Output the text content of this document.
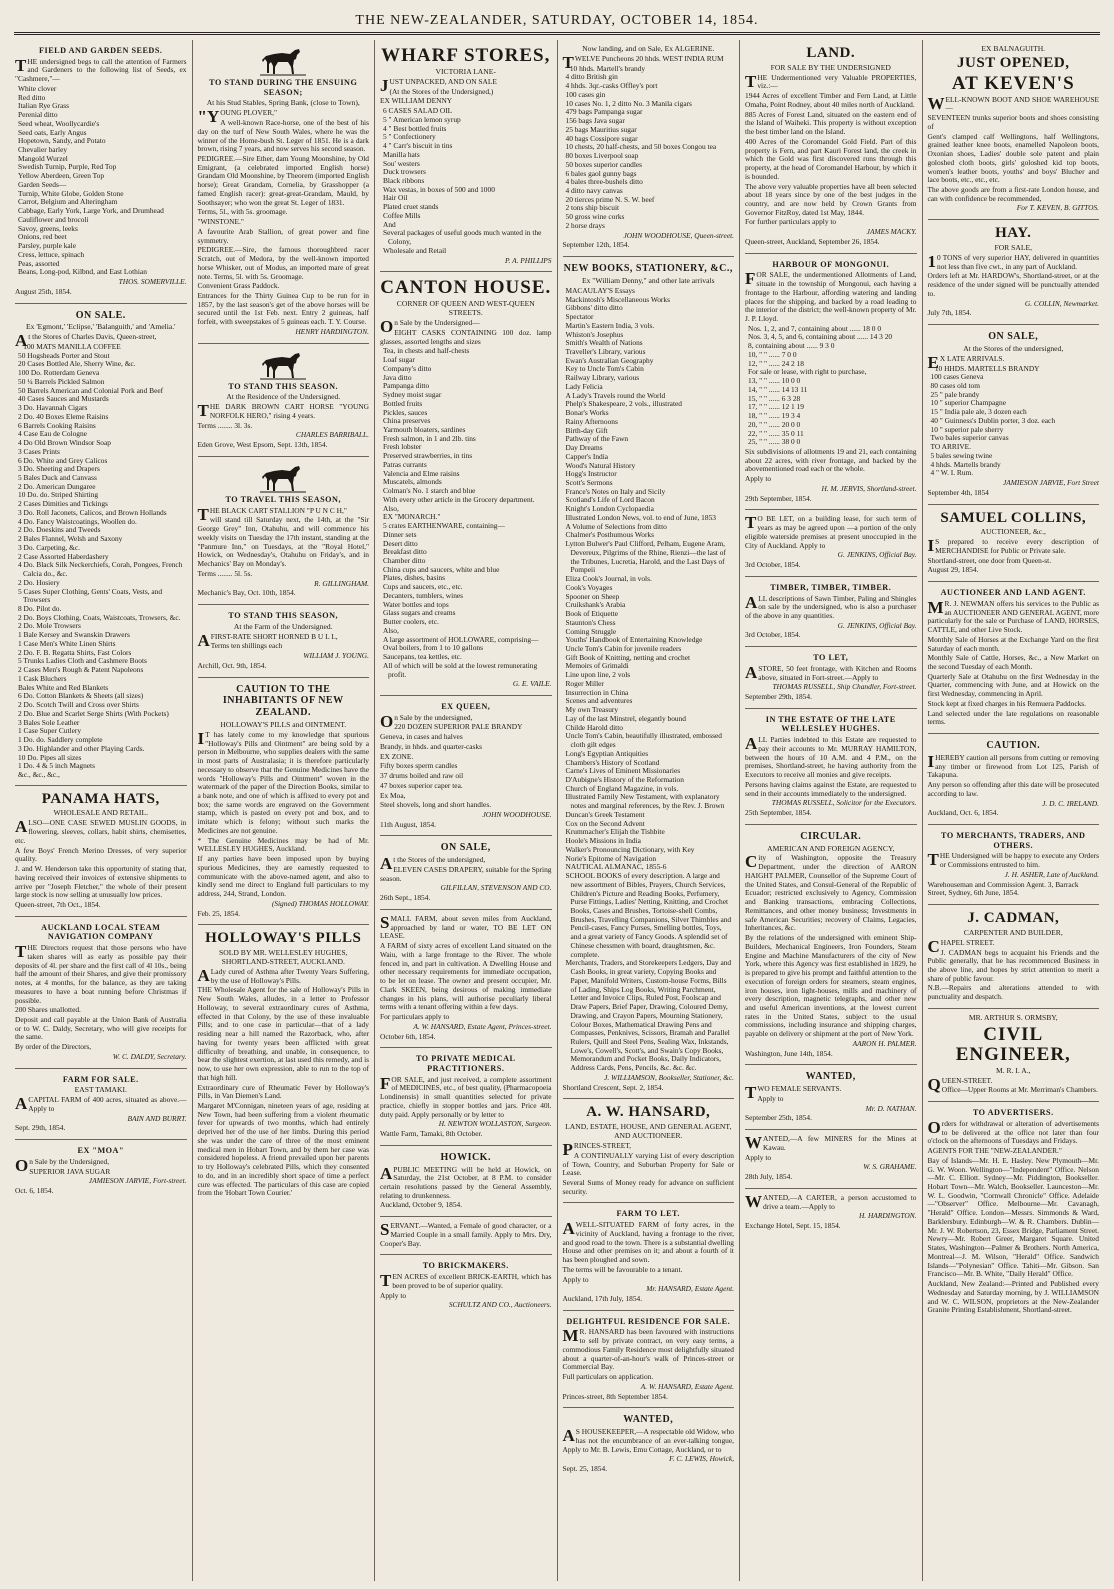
THE NEW-ZEALANDER, SATURDAY, OCTOBER 14, 1854.
FIELD AND GARDEN SEEDS.
THE undersigned begs to call the attention of Farmers and Gardeners to the following list of Seeds, ex "Cashmere,"—
White clover
Red ditto
Italian Rye Grass
Perenial ditto
Seed wheat, Woollycardie's
Seed oats, Early Angus
Hopetown, Sandy, and Potato
Chevalier barley
Mangold Wurzel
Swedish Turnip, Purple, Red Top
Yellow Aberdeen, Green Top
Garden Seeds—
Turnip, White Globe, Golden Stone
Carrot, Belgium and Alteringham
Cabbage, Early York, Large York, and Drumhead
Cauliflower and brocoli
Savoy, greens, leeks
Onions, red beet
Parsley, purple kale
Cress, lettuce, spinach
Peas, assorted
Beans, Long-pod, Kilbnd, and East Lothian
THOS. SOMERVILLE.
August 25th, 1854.
ON SALE.
Ex 'Egmont,' 'Eclipse,' 'Balanguith,' and 'Amelia.'
At the Stores of Charles Davis, Queen-street,
100 MATS MANILLA COFFEE
50 Hogsheads Porter and Stout
20 Cases Bottled Ale, Sherry Wine, &c.
100 Do. Rotterdam Geneva
50 ¼ Barrels Pickled Salmon
50 Barrels American and Colonial Pork and Beef
40 Cases Sauces and Mustards
3 Do. Havannah Cigars
2 Do. 40 Boxes Eleme Raisins
6 Barrels Cooking Raisins
4 Case Eau de Cologne
4 Do Old Brown Windsor Soap
3 Cases Prints
6 Do. White and Grey Calicos
3 Do. Sheeting and Drapers
5 Bales Duck and Canvass
2 Do. American Dungaree
10 Do. do. Striped Shirting
2 Cases Dimities and Tickings
3 Do. Roll Jaconets, Calicos, and Brown Hollands
4 Do. Fancy Waistcoatings, Woollen do.
2 Do. Doeskins and Tweeds
2 Bales Flannel, Welsh and Saxony
3 Do. Carpeting, &c.
2 Case Assorted Haberdashery
4 Do. Black Silk Neckerchiefs, Corah, Pongees, French Calcia do., &c.
2 Do. Hosiery
5 Cases Super Clothing, Gents' Coats, Vests, and Trowsers
8 Do. Pilot do.
2 Do. Boys Clothing, Coats, Waistcoats, Trowsers, &c.
2 Do. Mole Trowsers
1 Bale Kersey and Swanskin Drawers
1 Case Men's White Linen Shirts
2 Do. F. B. Regatta Shirts, Fast Colors
5 Trunks Ladies Cloth and Cashmere Boots
2 Cases Men's Rough & Patent Napoleons
1 Cask Bluchers
Bales White and Red Blankets
6 Do. Cotton Blankets & Sheets (all sizes)
2 Do. Scotch Twill and Cross over Shirts
2 Do. Blue and Scarlet Serge Shirts (With Pockets)
3 Bales Sole Leather
1 Case Super Cutlery
1 Do. do. Saddlery complete
3 Do. Highlander and other Playing Cards.
10 Do. Pipes all sizes
1 Do. 4 & 5 inch Magnets
&c., &c., &c.,
PANAMA HATS,
WHOLESALE AND RETAIL.
ALSO—ONE CASE SEWED MUSLIN GOODS, in flowering, sleeves, collars, habit shirts, chemisettes, etc.
A few Boys' French Merino Dresses, of very superior quality.
J. and W. Henderson take this opportunity of stating that, having received their invoices of extensive shipments to arrive per "Joseph Fletcher," the whole of their present large stock is now selling at unusually low prices.
Queen-street, 7th Oct., 1854.
AUCKLAND LOCAL STEAM NAVIGATION COMPANY
THE Directors request that those persons who have taken shares will as early as possible pay their deposits of 4l. per share and the first call of 4l 10s., being half the amount of their Shares, and give their promissory notes, at 4 months, for the balance, as they are taking measures to have a boat running before Christmas if possible.
200 Shares unallotted.
Deposit and call payable at the Union Bank of Australia or to W. C. Daldy, Secretary, who will give receipts for the same.
By order of the Directors,
W. C. DALDY, Secretary.
FARM FOR SALE.
EAST TAMAKI.
ACAPITAL FARM of 400 acres, situated as above.—Apply to
BAIN AND BURRT.
Sept. 29th, 1854.
EX "MOA"
On Sale by the Undersigned,
SUPERIOR JAVA SUGAR
JAMIESON JARVIE, Fort-street.
Oct. 6, 1854.
TO STAND DURING THE ENSUING SEASON;
At his Stud Stables, Spring Bank, (close to Town),
"YOUNG PLOVER,"
A well-known Race-horse, one of the best of his day on the turf of New South Wales, where he was the winner of the Home-bush St. Leger of 1851. He is a dark brown, rising 7 years, and now serves his second season.
PEDIGREE.—Sire Ether, dam Young Moonshine, by Old Emigrant, (a celebrated imported English horse) Grandam Old Moonshine, by Theorem (imported English horse); Great Grandam, Cornelia, by Grasshopper (a famed English racer): great-great-Grandam, Mauld, by Soothsayer; who won the great St. Leger of 1831.
Terms, 5l., with 5s. groomage.
"WINSTONE."
A favourite Arab Stallion, of great power and fine symmetry.
PEDIGREE.—Sire, the famous thoroughbred racer Scratch, out of Medora, by the well-known imported horse Whisker, out of Modus, an imported mare of great note. Terms, 5l. with 5s. Groomage.
Convenient Grass Paddock.
Entrances for the Thirty Guinea Cup to be run for in 1857, by the last season's get of the above horses will be secured until the 1st Feb. next. Entry 2 guineas, half forfeit, with sweepstakes of 5 guineas each. T. Y. Course.
HENRY HARDINGTON.
TO STAND THIS SEASON.
At the Residence of the Undersigned.
THE DARK BROWN CART HORSE "YOUNG NORFOLK HERO," rising 4 years.
Terms ........ 3l. 3s.
CHARLES BARRIBALL.
Eden Grove, West Epsom, Sept. 13th, 1854.
TO TRAVEL THIS SEASON,
THE BLACK CART STALLION "P U N C H,"
will stand till Saturday next, the 14th, at the "Sir George Grey" Inn, Otahuhu, and will commence his weekly visits on Tuesday the 17th instant, standing at the "Panmure Inn," on Tuesdays, at the "Royal Hotel," Howick, on Wednesday's, Otahuhu on Friday's, and in Mechanics' Bay on Monday's.
Terms ........ 5l. 5s.
R. GILLINGHAM.
Mechanic's Bay, Oct. 10th, 1854.
TO STAND THIS SEASON,
At the Farm of the Undersigned.
AFIRST-RATE SHORT HORNED B U L L,
Terms ten shillings each
WILLIAM J. YOUNG.
Archill, Oct. 9th, 1854.
CAUTION TO THE INHABITANTS OF NEW ZEALAND.
HOLLOWAY'S PILLS and OINTMENT.
IT has lately come to my knowledge that spurious "Holloway's Pills and Ointment" are being sold by a person in Melbourne, who supplies dealers with the same in most parts of Australasia; it is therefore particularly necessary to observe that the Genuine Medicines have the words "Holloway's Pills and Ointment" woven in the watermark of the paper of the Direction Books, similar to a bank note, and one of which is affixed to every pot and box; the same words are engraved on the Government stamp, which is pasted on every pot and box, and to imitate which is felony; without such marks the Medicines are not genuine.
* The Genuine Medicines may be had of Mr. WELLESLEY HUGHES, Auckland.
If any parties have been imposed upon by buying spurious Medicines, they are earnestly requested to communicate with the above-named agent, and also to kindly send me direct to England full particulars to my address, 244, Strand, London.
(Signed) THOMAS HOLLOWAY.
Feb. 25, 1854.
HOLLOWAY'S PILLS
SOLD BY MR. WELLESLEY HUGHES, SHORTLAND-STREET, AUCKLAND.
ALady cured of Asthma after Twenty Years Suffering, by the use of Holloway's Pills.
THE Wholesale Agent for the sale of Holloway's Pills in New South Wales, alludes, in a letter to Professor Holloway, to several extraordinary cures of Asthma, effected in that Colony, by the use of these invaluable Pills; and to one case in particular—that of a lady residing near a hill named the Razorback, who, after having for twenty years been afflicted with great difficulty of breathing, and unable, in consequence, to bear the slightest exertion, at last used this remedy, and is now, to use her own expression, able to run to the top of that high hill.
Extraordinary cure of Rheumatic Fever by Holloway's Pills, in Van Diemen's Land.
Margaret M'Connigan, nineteen years of age, residing at New Town, had been suffering from a violent rheumatic fever for upwards of two months, which had entirely deprived her of the use of her limbs. During this period she was under the care of three of the most eminent medical men in Hobart Town, and by them her case was considered hopeless. A friend prevailed upon her parents to try Holloway's celebrated Pills, which they consented to do, and in an incredibly short space of time a perfect cure was effected. The particulars of this case are copied from the 'Hobart Town Courier.'
WHARF STORES,
VICTORIA LANE-
JUST UNPACKED, AND ON SALE
(At the Stores of the Undersigned,)
EX WILLIAM DENNY
6 CASES SALAD OIL
5 " American lemon syrup
4 " Best bottled fruits
5 " Confectionery
4 " Carr's biscuit in tins
Manilla hats
Sou' westers
Duck trowsers
Black ribbons
Wax vestas, in boxes of 500 and 1000
Hair Oil
Plated cruet stands
Coffee Mills
And
Several packages of useful goods much wanted in the Colony,
Wholesale and Retail
P. A. PHILLIPS
CANTON HOUSE.
CORNER OF QUEEN AND WEST-QUEEN STREETS.
On Sale by the Undersigned—
EIGHT CASKS CONTAINING 100 doz. lamp glasses, assorted lengths and sizes
Tea, in chests and half-chests
Loaf sugar
Company's ditto
Java ditto
Pampanga ditto
Sydney moist sugar
Bottled fruits
Pickles, sauces
China preserves
Yarmouth bloaters, sardines
Fresh salmon, in 1 and 2lb. tins
Fresh lobster
Preserved strawberries, in tins
Patras currants
Valencia and Elme raisins
Muscatels, almonds
Colman's No. 1 starch and blue
With every other article in the Grocery department.
Also,
EX "MONARCH."
5 crates EARTHENWARE, containing—
Dinner sets
Desert ditto
Breakfast ditto
Chamber ditto
China cups and saucers, white and blue
Plates, dishes, basins
Cups and saucers, etc., etc.
Decanters, tumblers, wines
Water bottles and tops
Glass sugars and creams
Butter coolers, etc.
Also,
A large assortment of HOLLOWARE, comprising—
Oval boilers, from 1 to 10 gallons
Saucepans, tea kettles, etc.
All of which will be sold at the lowest remunerating profit.
G. E. VAILE.
EX QUEEN,
On Sale by the undersigned,
220 DOZEN SUPERIOR PALE BRANDY
Geneva, in cases and halves
Brandy, in hhds. and quarter-casks
EX ZONE.
Fifty boxes sperm candles
37 drums boiled and raw oil
47 boxes superior caper tea.
Ex Moa,
Steel shovels, long and short handles.
JOHN WOODHOUSE.
11th August, 1854.
ON SALE,
At the Stores of the undersigned,
ELEVEN CASES DRAPERY, suitable for the Spring season.
GILFILLAN, STEVENSON AND CO.
26th Sept., 1854.
SMALL FARM, about seven miles from Auckland, approached by land or water, TO BE LET ON LEASE.
A FARM of sixty acres of excellent Land situated on the Waiu, with a large frontage to the River. The whole fenced in, and part in cultivation. A Dwelling House and other necessary requirements for immediate occupation, to be let on lease. The owner and present occupier, Mr. Clark SKEEN, being desirous of making immediate changes in his plans, will authorise peculiarly liberal terms with a tenant offering within a few days.
For particulars apply to
A. W. HANSARD, Estate Agent, Princes-street.
October 6th, 1854.
TO PRIVATE MEDICAL PRACTITIONERS.
FOR SALE, and just received, a complete assortment of MEDICINES, etc., of best quality, (Pharmacopoeia Londinensis) in small quantities selected for private practice, chiefly in stopper bottles and jars. Price 40l. duty paid. Apply personally or by letter to
H. NEWTON WOLLASTON, Surgeon.
Wattle Farm, Tamaki, 8th October.
HOWICK.
APUBLIC MEETING will be held at Howick, on Saturday, the 21st October, at 8 P.M. to consider certain resolutions passed by the General Assembly, relating to drunkenness.
Auckland, October 9, 1854.
SERVANT.—Wanted, a Female of good character, or a Married Couple in a small family. Apply to Mrs. Dry, Cooper's Bay.
TO BRICKMAKERS.
TEN ACRES of excellent BRICK-EARTH, which has been proved to be of superior quality.
Apply to
SCHULTZ AND CO., Auctioneers.
Now landing, and on Sale, Ex ALGERINE.
TWELVE Puncheons 20 hhds. WEST INDIA RUM
10 hhds. Martell's brandy
4 ditto British gin
4 hhds. 3qr.-casks Offley's port
100 cases gin
10 cases No. 1, 2 ditto No. 3 Manila cigars
479 bags Pampanga sugar
156 bags Java sugar
25 bags Mauritius sugar
40 bags Cossipore sugar
10 chests, 20 half-chests, and 50 boxes Congou tea
80 boxes Liverpool soap
50 boxes superior candles
6 bales gaol gunny bags
4 bales three-bushels ditto
4 ditto navy canvas
20 tierces prime N. S. W. beef
2 tons ship biscuit
50 gross wine corks
2 horse drays
JOHN WOODHOUSE, Queen-street.
September 12th, 1854.
NEW BOOKS, STATIONERY, &C.,
Ex "William Denny," and other late arrivals
MACAULAY'S Essays
Mackintosh's Miscellaneous Works
Gibbons' ditto ditto
Spectator
Martin's Eastern India, 3 vols.
Whiston's Josephus
Smith's Wealth of Nations
Traveller's Library, various
Ewan's Australian Geography
Key to Uncle Tom's Cabin
Railway Library, various
Lady Felicia
A Lady's Travels round the World
Phelp's Shakespeare, 2 vols., illustrated
Bonar's Works
Rainy Afternoons
Birth-day Gift
Pathway of the Fawn
Day Dreams
Capper's India
Wood's Natural History
Hogg's Instructor
Scott's Sermons
France's Notes on Italy and Sicily
Scotland's Life of Lord Bacon
Knight's London Cyclopaedia
Illustrated London News, vol. to end of June, 1853
A Volume of Selections from ditto
Chalmer's Posthumous Works
Lytton Bulwer's Paul Clifford, Pelham, Eugene Aram, Devereux, Pilgrims of the Rhine, Rienzi—the last of the Tribunes, Lucretia, Harold, and the Last Days of Pompeii
Eliza Cook's Journal, in vols.
Cook's Voyages
Spooner on Sheep
Cruikshank's Arabia
Book of Etiquette
Staunton's Chess
Coming Struggle
Youths' Handbook of Entertaining Knowledge
Uncle Tom's Cabin for juvenile readers
Gift Book of Knitting, netting and crochet
Memoirs of Grimaldi
Line upon line, 2 vols
Roger Miller
Insurrection in China
Scenes and adventures
My own Treasury
Lay of the last Minstrel, elegantly bound
Childe Harold ditto
Uncle Tom's Cabin, beautifully illustrated, embossed cloth gilt edges
Long's Egyptian Antiquities
Chambers's History of Scotland
Carne's Lives of Eminent Missionaries
D'Aubigne's History of the Reformation
Church of England Magazine, in vols.
Illustrated Family New Testament, with explanatory notes and marginal references, by the Rev. J. Brown
Duncan's Greek Testament
Cox on the Second Advent
Krummacher's Elijah the Tishbite
Hoole's Missions in India
Walker's Pronouncing Dictionary, with Key
Norie's Epitome of Navigation
NAUTICAL ALMANAC, 1855-6
SCHOOL BOOKS of every description. A large and new assortment of Bibles, Prayers, Church Services, Children's Picture and Reading Books, Perfumery, Purse Fittings, Ladies' Netting, Knitting, and Crochet Books, Cases and Brushes, Tortoise-shell Combs, Brushes, Travelling Companions, Silver Thimbles and Pencil-cases, Fancy Purses, Smelling bottles, Toys, and a great variety of Fancy Goods. A splendid set of Chinese chessmen with board, draughtsmen, &c. complete.
Merchants, Traders, and Storekeepers Ledgers, Day and Cash Books, in great variety, Copying Books and Paper, Manifold Writers, Custom-house Forms, Bills of Lading, Ships Log Books, Writing Parchment, Letter and Invoice Clips, Ruled Post, Foolscap and Draw Papers, Brief Paper, Drawing, Coloured Demy, Drawing, and Crayon Papers, Mourning Stationery, Colour Boxes, Mathematical Drawing Pens and Compasses, Penknives, Scissors, Bramah and Parallel Rulers, Quill and Steel Pens, Sealing Wax, Inkstands, Lowe's, Cowell's, Scott's, and Swain's Copy Books, Memorandum and Pocket Books, Daily Indicators, Address Cards, Pens, Pencils, &c. &c. &c.
J. WILLIAMSON, Bookseller, Stationer, &c.
Shortland Crescent, Sept. 2, 1854.
A. W. HANSARD,
LAND, ESTATE, HOUSE, AND GENERAL AGENT, AND AUCTIONEER.
PRINCES-STREET,
A CONTINUALLY varying List of every description of Town, Country, and Suburban Property for Sale or Lease.
Several Sums of Money ready for advance on sufficient security.
FARM TO LET.
AWELL-SITUATED FARM of forty acres, in the vicinity of Auckland, having a frontage to the river, and good road to the town. There is a substantial dwelling House and other premises on it; and about a fourth of it has been ploughed and sown.
The terms will be favourable to a tenant.
Apply to
Mr. HANSARD, Estate Agent.
Auckland, 17th July, 1854.
DELIGHTFUL RESIDENCE FOR SALE.
MR. HANSARD has been favoured with instructions to sell by private contract, on very easy terms, a commodious Family Residence most delightfully situated about a quarter-of-an-hour's walk of Princes-street or Commercial Bay.
Full particulars on application.
A. W. HANSARD, Estate Agent.
Princes-street, 8th September 1854.
WANTED,
AS HOUSEKEEPER,—A respectable old Widow, who has not the encumbrance of an ever-talking tongue, Apply to Mr. B. Lewis, Emu Cottage, Auckland, or to
F. C. LEWIS, Howick,
Sept. 25, 1854.
LAND.
FOR SALE BY THE UNDERSIGNED
THE Undermentioned very Valuable PROPERTIES, viz.:—
1944 Acres of excellent Timber and Fern Land, at Little Omaha, Point Rodney, about 40 miles north of Auckland.
885 Acres of Forest Land, situated on the eastern end of the Island of Waiheki. This property is without exception the best timber land on the Island.
400 Acres of the Coromandel Gold Field. Part of this property is Fern, and part Kauri Forest land, the creek in which the Gold was first discovered runs through this property, at the head of Coromandel Harbour, by which it is bounded.
The above very valuable properties have all been selected about 18 years since by one of the best judges in the country, and are now held by Crown Grants from Governor FitzRoy, dated 1st May, 1844.
For further particulars apply to
JAMES MACKY.
Queen-street, Auckland, September 26, 1854.
HARBOUR OF MONGONUI.
FOR SALE, the undermentioned Allotments of Land, situate in the township of Mongonui, each having a frontage to the Harbour, affording watering and landing places for the shipping, and backed by a road leading to the interior of the district; the well-known property of Mr. J. P. Lloyd.
Nos. 1, 2, and 7, containing about ...... 18 0 0
Nos. 3, 4, 5, and 6, containing about ...... 14 3 20
8, containing about ...... 9 3 0
10, " " ...... 7 0 0
12, " " ...... 24 2 18
For sale or lease, with right to purchase,
13, " " ...... 10 0 0
14, " " ...... 14 13 11
15, " " ...... 6 3 28
17, " " ...... 12 1 19
18, " " ...... 19 3 4
20, " " ...... 20 0 0
22, " " ...... 35 0 11
25, " " ...... 38 0 0
Six subdivisions of allotments 19 and 21, each containing about 22 acres, with river frontage, and backed by the abovementioned road each or the whole.
Apply to
H. M. JERVIS, Shortland-street.
29th September, 1854.
TO BE LET, on a building lease, for such term of years as may be agreed upon —a portion of the only eligible waterside premises at present unoccupied in the City of Auckland. Apply to
G. JENKINS, Official Bay.
3rd October, 1854.
TIMBER, TIMBER, TIMBER.
ALL descriptions of Sawn Timber, Paling and Shingles on sale by the undersigned, who is also a purchaser of the above in any quantities.
G. JENKINS, Official Bay.
3rd October, 1854.
TO LET,
ASTORE, 50 feet frontage, with Kitchen and Rooms above, situated in Fort-street.—Apply to
THOMAS RUSSELL, Ship Chandler, Fort-street.
September 29th, 1854.
IN THE ESTATE OF THE LATE WELLESLEY HUGHES.
ALL Parties indebted to this Estate are requested to pay their accounts to Mr. MURRAY HAMILTON, between the hours of 10 A.M. and 4 P.M., on the premises, Shortland-street, he having authority from the Executors to receive all monies and give receipts.
Persons having claims against the Estate, are requested to send in their accounts immediately to the undersigned.
THOMAS RUSSELL, Solicitor for the Executors.
25th September, 1854.
CIRCULAR.
AMERICAN AND FOREIGN AGENCY,
City of Washington, opposite the Treasury Department, under the direction of AARON HAIGHT PALMER, Counsellor of the Supreme Court of the United States, and Consul-General of the Republic of Ecuador; restricted exclusively to Agency, Commission and Banking transactions, embracing Collections, Remittances, and other money business; Investments in safe American Securities; recovery of Claims, Legacies, Inheritances, &c.
By the relations of the undersigned with eminent Ship-Builders, Mechanical Engineers, Iron Founders, Steam Engine and Machine Manufacturers of the city of New York, where this Agency was first established in 1829, he is prepared to give his prompt and faithful attention to the execution of foreign orders for steamers, steam engines, iron houses, iron light-houses, mills and machinery of every description, magnetic telegraphs, and other new and useful American inventions, at the lowest current rates in the United States, subject to the usual commissions, including insurance and shipping charges, payable on delivery or shipment at the port of New York.
AARON H. PALMER.
Washington, June 14th, 1854.
WANTED,
TWO FEMALE SERVANTS.
Apply to
Mr. D. NATHAN.
September 25th, 1854.
WANTED,—A few MINERS for the Mines at Kawau.
Apply to
W. S. GRAHAME.
28th July, 1854.
WANTED,—A CARTER, a person accustomed to drive a team.—Apply to
H. HARDINGTON.
Exchange Hotel, Sept. 15, 1854.
EX BALNAGUITH.
JUST OPENED,
AT KEVEN'S
WELL-KNOWN BOOT AND SHOE WAREHOUSE—
SEVENTEEN trunks superior boots and shoes consisting of
Gent's clamped calf Wellingtons, half Wellingtons, grained leather knee boots, enamelled Napoleon boots, Oxonian shoes, Ladies' double sole patent and plain goloshed cloth boots, girls' goloshed kid top boots, women's leather boots, youths' and boys' Blucher and lace boots, etc., etc., etc.
The above goods are from a first-rate London house, and can with confidence be recommended,
For T. KEVEN, B. GITTOS.
HAY.
FOR SALE,
10 TONS of very superior HAY, delivered in quantities not less than five cwt., in any part of Auckland.
Orders left at Mr. HARDOW's, Shortland-street, or at the residence of the under signed will be punctually attended to.
G. COLLIN, Newmarket.
July 7th, 1854.
ON SALE,
At the Stores of the undersigned,
EX LATE ARRIVALS.
10 HHDS. MARTELLS BRANDY
100 cases Geneva
80 cases old tom
25 " pale brandy
10 " superior Champagne
15 " India pale ale, 3 dozen each
40 " Guinness's Dublin porter, 3 doz. each
10 " superior pale sherry
Two bales superior canvas
TO ARRIVE.
5 bales sewing twine
4 hhds. Martells brandy
4 " W. I. Rum.
JAMIESON JARVIE, Fort Street
September 4th, 1854
SAMUEL COLLINS,
AUCTIONEER, &c.,
IS prepared to receive every description of MERCHANDISE for Public or Private sale.
Shortland-street, one door from Queen-st.
August 29, 1854.
AUCTIONEER AND LAND AGENT.
MR. J. NEWMAN offers his services to the Public as an AUCTIONEER AND GENERAL AGENT, more particularly for the sale or Purchase of LAND, HORSES, CATTLE, and other Live Stock.
Monthly Sale of Horses at the Exchange Yard on the first Saturday of each month.
Monthly Sale of Cattle, Horses, &c., a New Market on the second Tuesday of each Month.
Quarterly Sale at Otahuhu on the first Wednesday in the Quarter, commencing with June, and at Howick on the first Wednesday, commencing in April.
Stock kept at fixed charges in his Remuera Paddocks.
Land selected under the late regulations on reasonable terms.
CAUTION.
IHEREBY caution all persons from cutting or removing any timber or firewood from Lot 125, Parish of Takapuna.
Any person so offending after this date will be prosecuted according to law.
J. D. C. IRELAND.
Auckland, Oct. 6, 1854.
TO MERCHANTS, TRADERS, AND OTHERS.
THE Undersigned will be happy to execute any Orders or Commissions entrusted to him.
J. H. ASHER, Late of Auckland.
Warehouseman and Commission Agent. 3, Barrack Street, Sydney, 6th June, 1854.
J. CADMAN,
CARPENTER AND BUILDER,
CHAPEL STREET.
J. CADMAN begs to acquaint his Friends and the Public generally, that he has recommenced Business in the above line, and hopes by strict attention to merit a share of public favour.
N.B.—Repairs and alterations attended to with punctuality and despatch.
MR. ARTHUR S. ORMSBY,
CIVIL ENGINEER,
M. R. I. A.,
QUEEN-STREET.
Office—Upper Rooms at Mr. Merriman's Chambers.
TO ADVERTISERS.
Orders for withdrawal or alteration of advertisements to be delivered at the office not later than four o'clock on the afternoons of Tuesdays and Fridays.
AGENTS FOR THE "NEW-ZEALANDER."
Bay of Islands—Mr. H. E. Hasley. New Plymouth—Mr. G. W. Woon. Wellington—"Independent" Office. Nelson—Mr. C. Elliott. Sydney—Mr. Piddington, Bookseller. Hobart Town—Mr. Walch, Bookseller. Launceston—Mr. W. L. Goodwin, "Cornwall Chronicle" Office. Adelaide—"Observer" Office. Melbourne—Mr. Cavanagh, "Herald" Office. London—Messrs. Simmonds & Ward, Barklersbury. Edinburgh—W. & R. Chambers. Dublin—Mr. J. W. Robertson, 23, Essex Bridge, Parliament Street. Newry—Mr. Robert Greer, Margaret Square. United States, Washington—Palmer & Brothers. North America, Montreal—J. M. Wilson, "Herald" Office. Sandwich Islands—"Polynesian" Office. Tahiti—Mr. Gibson. San Francisco—Mr. B. White, "Daily Herald" Office.
Auckland, New Zealand:—Printed and Published every Wednesday and Saturday morning, by J. WILLIAMSON and W. C. WILSON, proprietors at the New-Zealander Granite Printing Establishment, Shortland-street.
